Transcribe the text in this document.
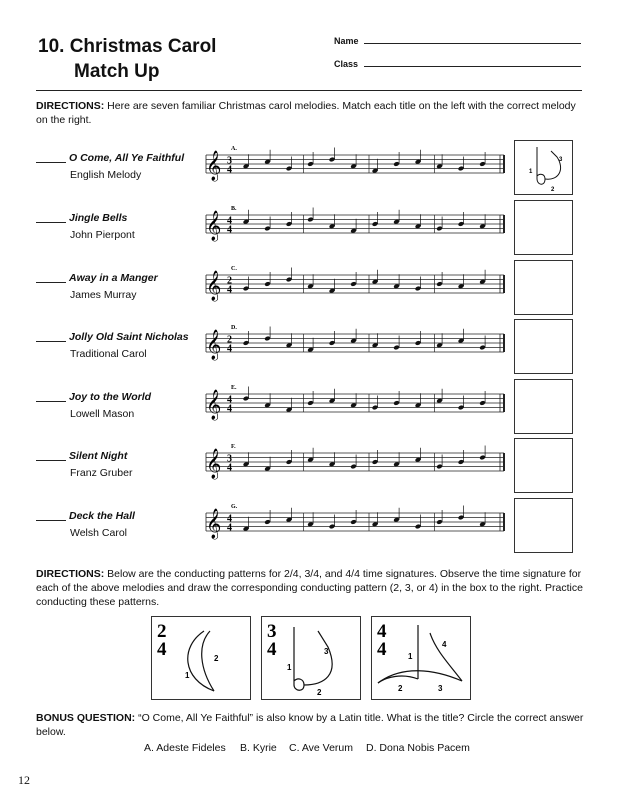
10. Christmas Carol
Match Up
Name
Class
DIRECTIONS: Here are seven familiar Christmas carol melodies. Match each title on the left with the correct melody on the right.
O Come, All Ye Faithful
English Melody
Jingle Bells
John Pierpont
Away in a Manger
James Murray
Jolly Old Saint Nicholas
Traditional Carol
Joy to the World
Lowell Mason
Silent Night
Franz Gruber
Deck the Hall
Welsh Carol
𝄞
A.
3
4
𝄞
B.
4
4
𝄞
C.
2
4
𝄞
D.
2
4
𝄞
E.
4
4
𝄞
F.
3
4
𝄞
G.
4
4
1
2
3
DIRECTIONS: Below are the conducting patterns for 2/4, 3/4, and 4/4 time signatures. Observe the time signature for each of the above melodies and draw the corresponding conducting pattern (2, 3, or 4) in the box to the right. Practice conducting these patterns.
2
4
1
2
3
4
1
2
3
4
4	1
2	3
4
BONUS QUESTION: “O Come, All Ye Faithful” is also know by a Latin title. What is the title? Circle the correct answer below.
A. Adeste Fideles B. Kyrie C. Ave Verum D. Dona Nobis Pacem
12
